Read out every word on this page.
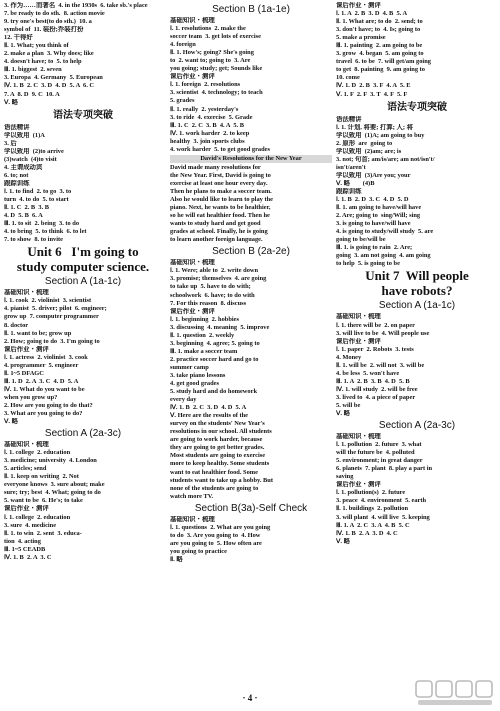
3. 作为……而著名  4. in the 1930s  6. take sb.'s place
7. be ready to do sth.  8. action movie
9. try one's best(to do sth.)  10. a
symbol of  11. 装扮;乔装打扮
12. 干得好
Ⅱ. 1. What; you think of
2. make a plan  3. Why does; like
4. doesn't have; to  5. to help
Ⅲ. 1. biggest  2. seven
3. Europa  4. Germany  5. European
Ⅳ. 1. B  2. C  3. D  4. D  5. A  6. C
7. A  8. D  9. C  10. A
Ⅴ. 略
语法专项突破
语法精讲
学以致用  (1)A
3. 后
学以致用  (2)to arrive
(3)watch  (4)to visit
4. 主谓成动宾
6. to; not
跟踪训练
Ⅰ. 1. to find  2. to go  3. to
turn  4. to do  5. to start
Ⅱ. 1. C  2. B  3. B
4. D  5. B  6. A
Ⅲ. 1. to sit  2. being  3. to do
4. to bring  5. to think  6. to let
7. to show  8. to invite
Unit 6   I'm going to
study computer science.
Section A (1a-1c)
基础知识・梳理
Ⅰ. 1. cook  2. violinist  3. scientist
4. pianist  5. driver; pilot  6. engineer;
grow up  7. computer programmer
8. doctor
Ⅱ. 1. want to be; grow up
2. How; going to do  3. I'm going to
课后作业・测评
Ⅰ. 1. actress  2. violinist  3. cook
4. programmer  5. engineer
Ⅱ. 1~5 DFAGC
Ⅲ. 1. D  2. A  3. C  4. D  5. A
Ⅳ. 1. What do you want to be
when you grow up?
2. How are you going to do that?
3. What are you going to do?
Ⅴ. 略
Section A (2a-3c)
基础知识・梳理
Ⅰ. 1. college  2. education
3. medicine; university  4. London
5. articles; send
Ⅱ. 1. keep on writing  2. Not
everyone knows  3. sure about; make
sure; try; best  4. What; going to do
5. want to be  6. He's; to take
课后作业・测评
Ⅰ. 1. college  2. education
3. sure  4. medicine
Ⅱ. 1. to win  2. sent  3. educa-
tion  4. acting
Ⅲ. 1~5 CEADB
Ⅳ. 1. B  2. A  3. C
Section B (1a-1e)
基础知识・梳理
Ⅰ. 1. resolutions  2. make the
soccer team  3. get lots of exercise
4. foreign
Ⅱ. 1. How's; going? She's going
to  2. want to; going to  3. Are
you going; study; get; Sounds like
课后作业・测评
Ⅰ. 1. foreign  2. resolutions
3. scientist  4. technology; to teach
5. grades
Ⅱ. 1. really  2. yesterday's
3. to ride  4. exercise  5. Grade
Ⅲ. 1. C  2. C  3. B  4. A  5. B
Ⅳ. 1. work harder  2. to keep
healthy  3. join sports clubs
4. work harder  5. to get good grades
David's Resolutions for the New Year
David made many resolutions for
the New Year. First, David is going to
exercise at least one hour every day.
Then he plans to make a soccer team.
Also he would like to learn to play the
piano. Next, he wants to be healthier,
so he will eat healthier food. Then he
wants to study hard and get good
grades at school. Finally, he is going
to learn another foreign language.
Section B (2a-2e)
基础知识・梳理
Ⅰ. 1. Were; able to  2. write down
3. promise; themselves  4. are going
to take up  5. have to do with;
schoolwork  6. have; to do with
7. For this reason  8. discuss
课后作业・测评
Ⅰ. 1. beginning  2. hobbies
3. discussing  4. meaning  5. improve
Ⅱ. 1. question  2. weekly
3. beginning  4. agree; 5. going to
Ⅲ. 1. make a soccer team
2. practice soccer hard and go to
summer camp
3. take piano lessons
4. get good grades
5. study hard and do homework
every day
Ⅳ. 1. B  2. C  3. D  4. D  5. A
Ⅴ. Here are the results of the
survey on the students' New Year's
resolutions in our school. All students
are going to work harder, because
they are going to get better grades.
Most students are going to exercise
more to keep healthy. Some students
want to eat healthier food. Some
students want to take up a hobby. But
none of the students are going to
watch more TV.
Section B(3a)-Self Check
基础知识・梳理
Ⅰ. 1. questions  2. What are you going
to do  3. Are you going to  4. How
are you going to  5. How often are
you going to practice
Ⅱ. 略
课后作业・测评
Ⅰ. 1. A  2. B  3. D  4. B  5. A
Ⅱ. 1. What are; to do  2. send; to
3. don't have; to  4. Is; going to
5. make a promise
Ⅲ. 1. painting  2. am going to be
3. grow  4. began  5. am going to
travel  6. to be  7. will get/am going
to get  8. painting  9. am going to
10. come
Ⅳ. 1. D  2. B  3. F  4. A  5. E
Ⅴ. 1. F  2. F  3. T  4. F  5. F
语法专项突破
语法精讲
Ⅰ. 1. 计划, 将要; 打算; 人; 将
学以致用  (1)A; am going to buy
2. 原形  are  going to
学以致用  (2)am; are; is
3. not; 句首; am/is/are; am not/isn't/
isn't/aren't
学以致用  (3)Are you; your
Ⅴ. 略        (4)B
跟踪训练
Ⅰ. 1. B  2. D  3. C  4. D  5. D
Ⅱ. 1. am going to have/will have
2. Are; going to  sing/Will; sing
3. is going to have/will have
4. is going to study/will study  5. are
going to be/will be
Ⅲ. 1. is going to rain  2. Are;
going  3. am not going  4. am going
to help  5. is going to be
Unit 7  Will people
have robots?
Section A (1a-1c)
基础知识・梳理
Ⅰ. 1. there will be  2. on paper
3. will live to be  4. Will people use
课后作业・测评
Ⅰ. 1. paper  2. Robots  3. tests
4. Money
Ⅱ. 1. will be  2. will not  3. will be
4. be less  5. won't have
Ⅲ. 1. A  2. B  3. B  4. D  5. B
Ⅳ. 1. will study  2. will be free
3. lived to  4. a piece of paper
5. will be
Ⅴ. 略
Section A (2a-3c)
基础知识・梳理
Ⅰ. 1. pollution  2. future  3. what
will the future be  4. polluted
5. environment; in great danger
6. planets  7. plant  8. play a part in
saving
课后作业・测评
Ⅰ. 1. pollution(s)  2. future
3. peace  4. environment  5. earth
Ⅱ. 1. buildings  2. pollution
3. will plant  4. will live  5. keeping
Ⅲ. 1. A  2. C  3. A  4. B  5. C
Ⅳ. 1. B  2. A  3. D  4. C
Ⅴ. 略
· 4 ·
